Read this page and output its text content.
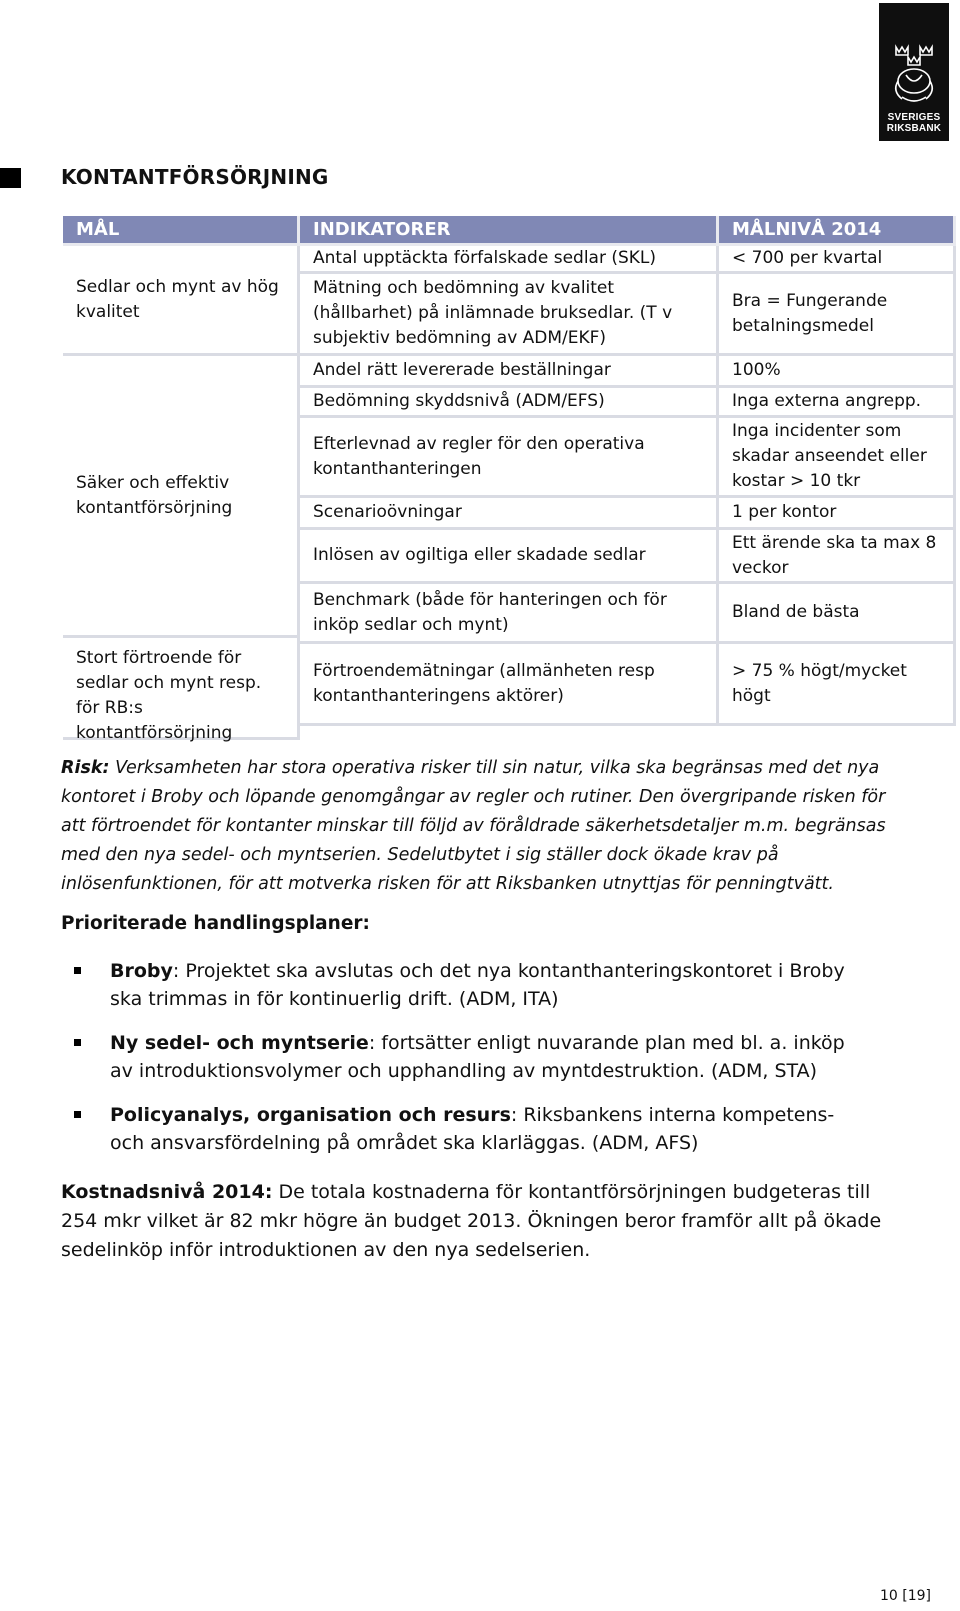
SVERIGES
RIKSBANK
KONTANTFÖRSÖRJNING
MÅL	INDIKATORER	MÅLNIVÅ 2014
Sedlar och mynt av hög kvalitet
Säker och effektiv kontantförsörjning
Stort förtroende för sedlar och mynt resp. för RB:s kontantförsörjning
Antal upptäckta förfalskade sedlar (SKL)
Mätning och bedömning av kvalitet (hållbarhet) på inlämnade bruksedlar. (T v subjektiv bedömning av ADM/EKF)
Andel rätt levererade beställningar
Bedömning skyddsnivå (ADM/EFS)
Efterlevnad av regler för den operativa kontanthanteringen
Scenarioövningar
Inlösen av ogiltiga eller skadade sedlar
Benchmark (både för hanteringen och för inköp sedlar och mynt)
Förtroendemätningar (allmänheten resp kontanthanteringens aktörer)
< 700 per kvartal
Bra = Fungerande betalningsmedel
100%
Inga externa angrepp.
Inga incidenter som skadar anseendet eller kostar > 10 tkr
1 per kontor
Ett ärende ska ta max 8 veckor
Bland de bästa
> 75 % högt/mycket högt
Risk: Verksamheten har stora operativa risker till sin natur, vilka ska begränsas med det nya kontoret i Broby och löpande genomgångar av regler och rutiner. Den övergripande risken för att förtroendet för kontanter minskar till följd av föråldrade säkerhetsdetaljer m.m. begränsas med den nya sedel- och myntserien. Sedelutbytet i sig ställer dock ökade krav på inlösenfunktionen, för att motverka risken för att Riksbanken utnyttjas för penningtvätt.
Prioriterade handlingsplaner:
Broby: Projektet ska avslutas och det nya kontanthanteringskontoret i Broby ska trimmas in för kontinuerlig drift. (ADM, ITA)
Ny sedel- och myntserie: fortsätter enligt nuvarande plan med bl. a. inköp av introduktionsvolymer och upphandling av myntdestruktion. (ADM, STA)
Policyanalys, organisation och resurs: Riksbankens interna kompetens- och ansvarsfördelning på området ska klarläggas. (ADM, AFS)
Kostnadsnivå 2014: De totala kostnaderna för kontantförsörjningen budgeteras till 254 mkr vilket är 82 mkr högre än budget 2013. Ökningen beror framför allt på ökade sedelinköp inför introduktionen av den nya sedelserien.
10 [19]
